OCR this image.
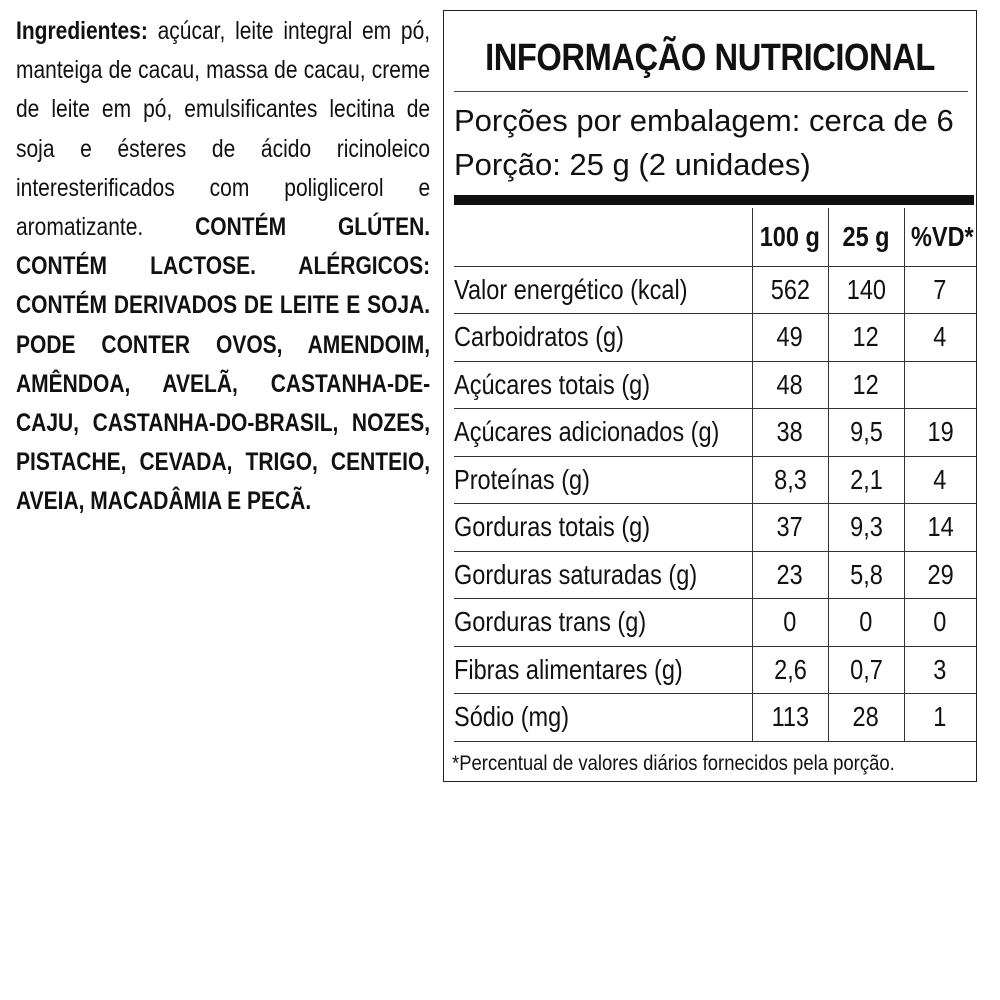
Ingredientes: açúcar, leite integral em pó, manteiga de cacau, massa de cacau, creme de leite em pó, emulsificantes lecitina de soja e ésteres de ácido ricinoleico interesterificados com poliglicerol e aromatizante. CONTÉM GLÚTEN. CONTÉM LACTOSE. ALÉRGICOS: CONTÉM DERIVADOS DE LEITE E SOJA. PODE CONTER OVOS, AMENDOIM, AMÊNDOA, AVELÃ, CASTANHA-DE-CAJU, CASTANHA-DO-BRASIL, NOZES, PISTACHE, CEVADA, TRIGO, CENTEIO, AVEIA, MACADÂMIA E PECÃ.

INFORMAÇÃO NUTRICIONAL
Porções por embalagem: cerca de 6
Porção: 25 g (2 unidades)
	100 g	25 g	%VD*
Valor energético (kcal)	562	140	7
Carboidratos (g)	49	12	4
Açúcares totais (g)	48	12	
Açúcares adicionados (g)	38	9,5	19
Proteínas (g)	8,3	2,1	4
Gorduras totais (g)	37	9,3	14
Gorduras saturadas (g)	23	5,8	29
Gorduras trans (g)	0	0	0
Fibras alimentares (g)	2,6	0,7	3
Sódio (mg)	113	28	1
*Percentual de valores diários fornecidos pela porção.
